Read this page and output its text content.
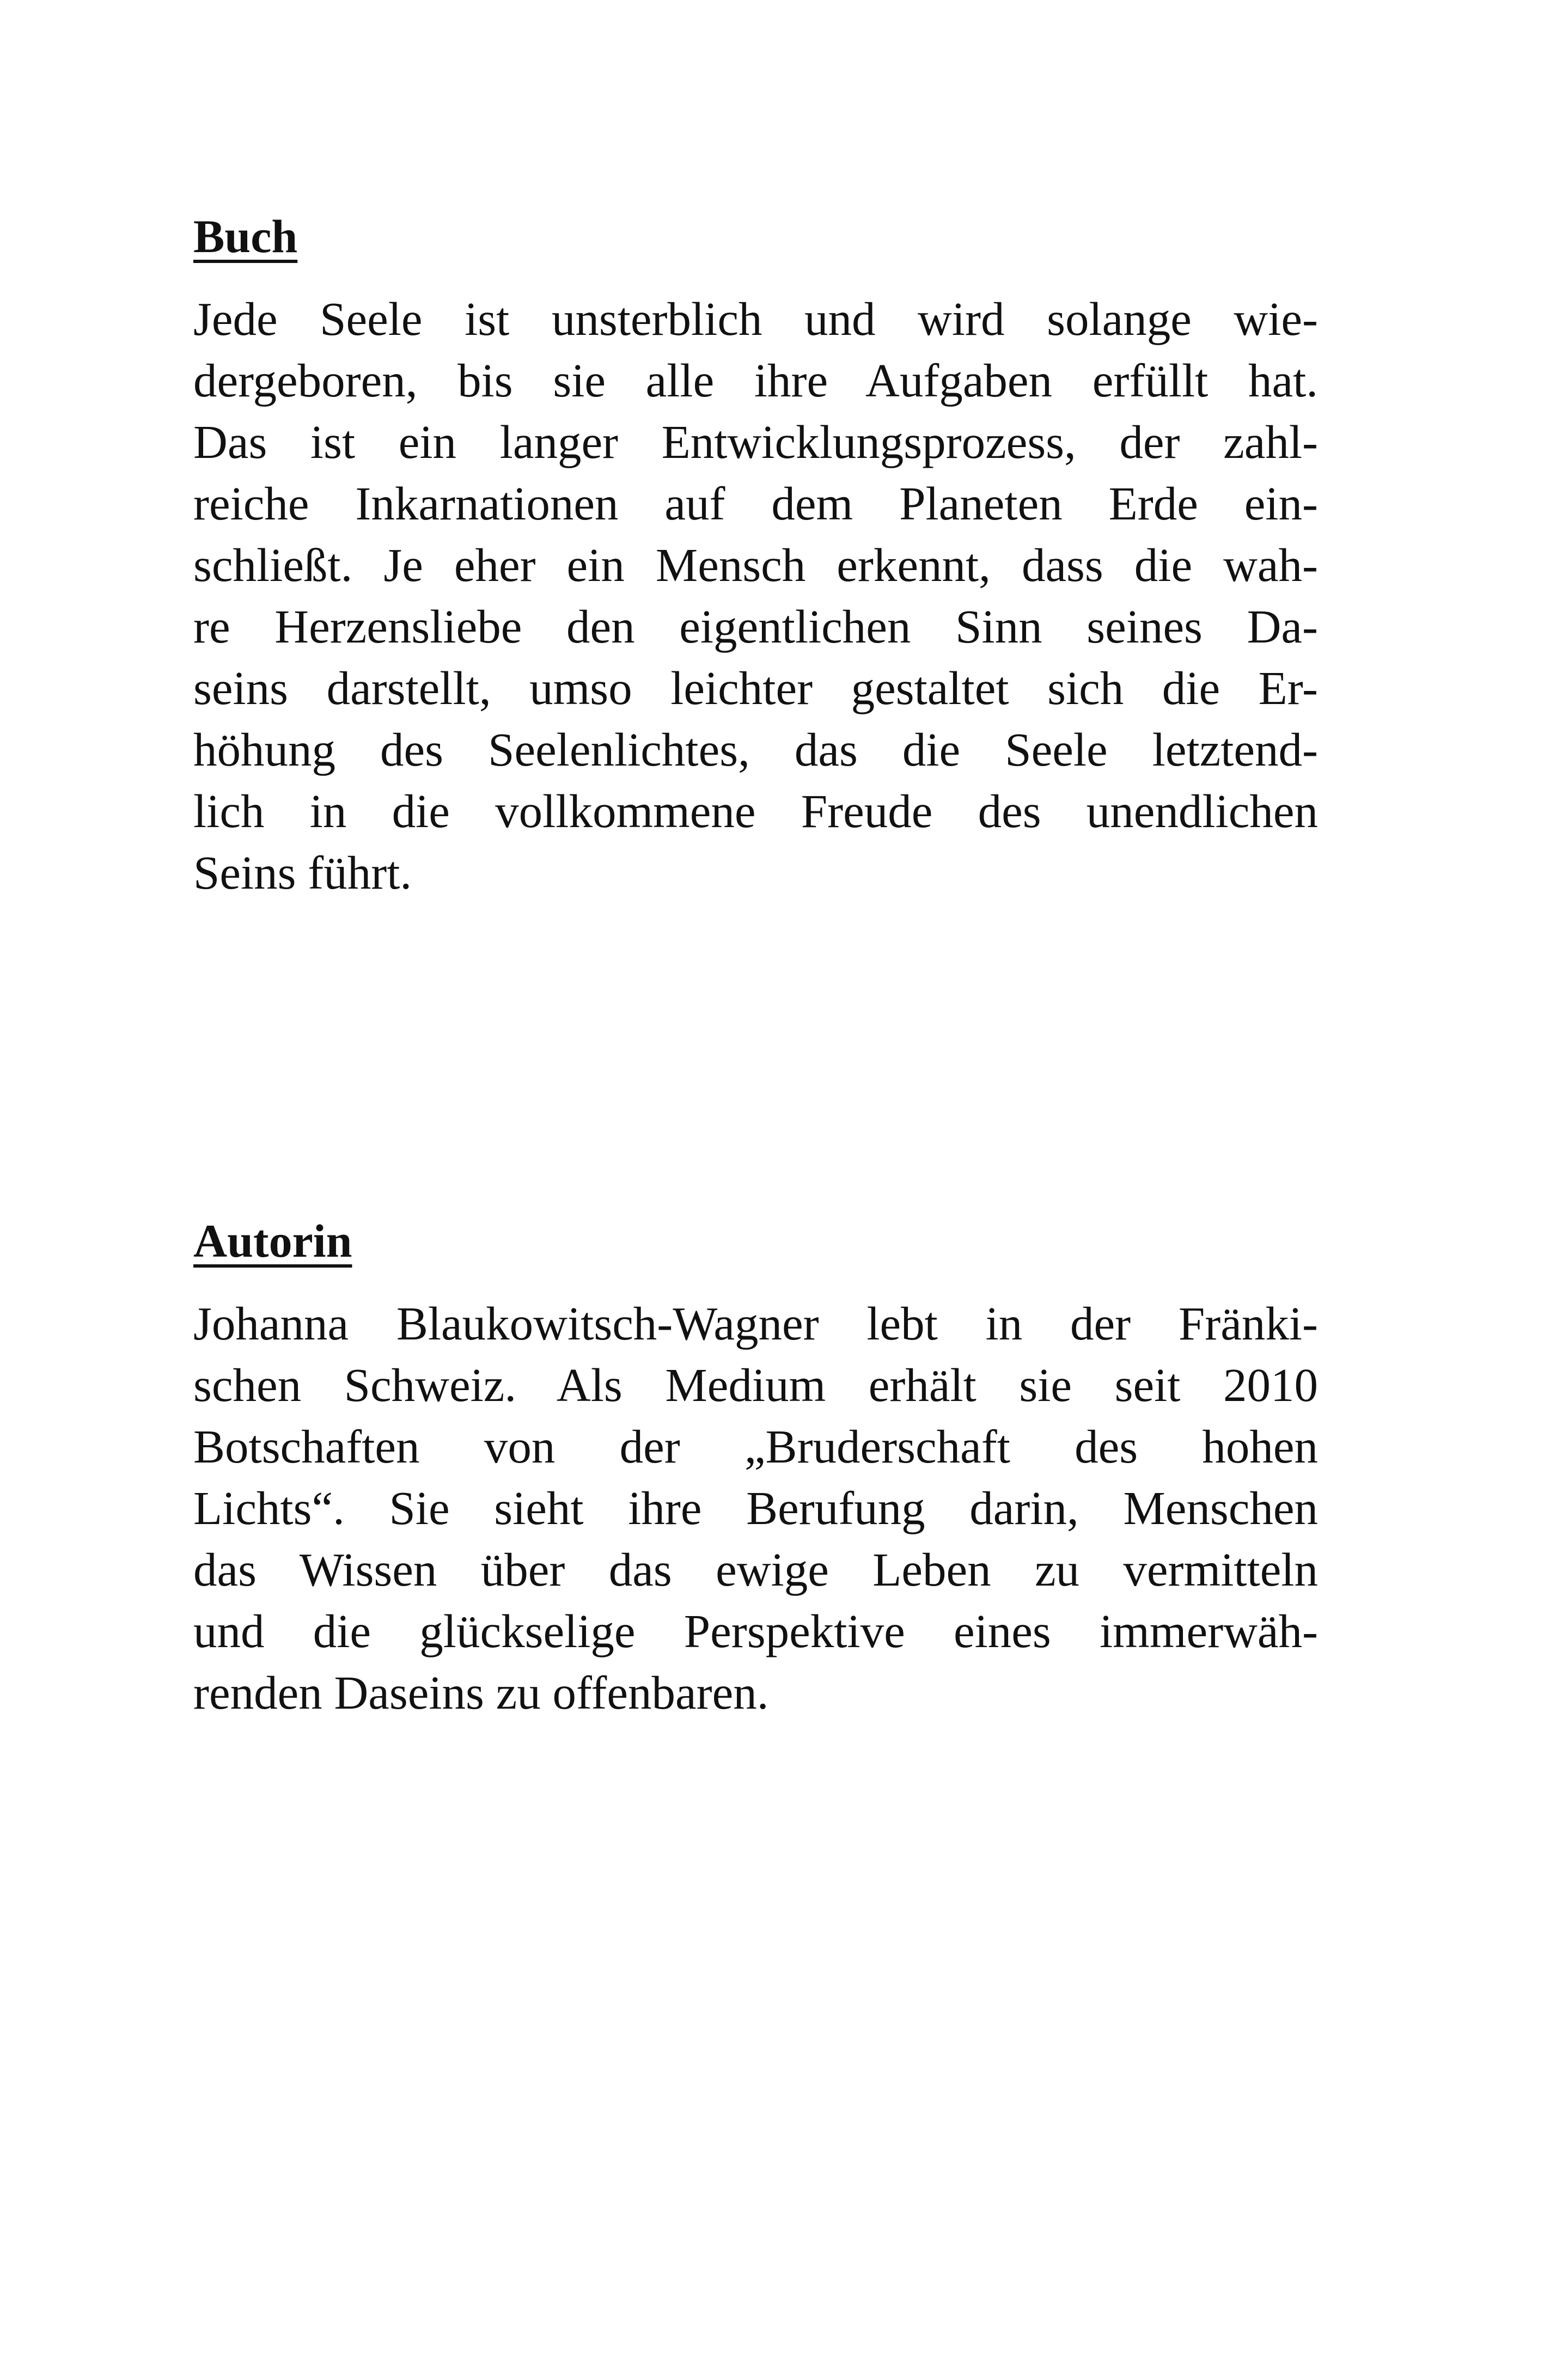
Buch

Jede Seele ist unsterblich und wird solange wie-
dergeboren, bis sie alle ihre Aufgaben erfüllt hat.
Das ist ein langer Entwicklungsprozess, der zahl-
reiche Inkarnationen auf dem Planeten Erde ein-
schließt. Je eher ein Mensch erkennt, dass die wah-
re Herzensliebe den eigentlichen Sinn seines Da-
seins darstellt, umso leichter gestaltet sich die Er-
höhung des Seelenlichtes, das die Seele letztend-
lich in die vollkommene Freude des unendlichen
Seins führt.

Autorin

Johanna Blaukowitsch-Wagner lebt in der Fränki-
schen Schweiz. Als Medium erhält sie seit 2010
Botschaften von der „Bruderschaft des hohen
Lichts“. Sie sieht ihre Berufung darin, Menschen
das Wissen über das ewige Leben zu vermitteln
und die glückselige Perspektive eines immerwäh-
renden Daseins zu offenbaren.
